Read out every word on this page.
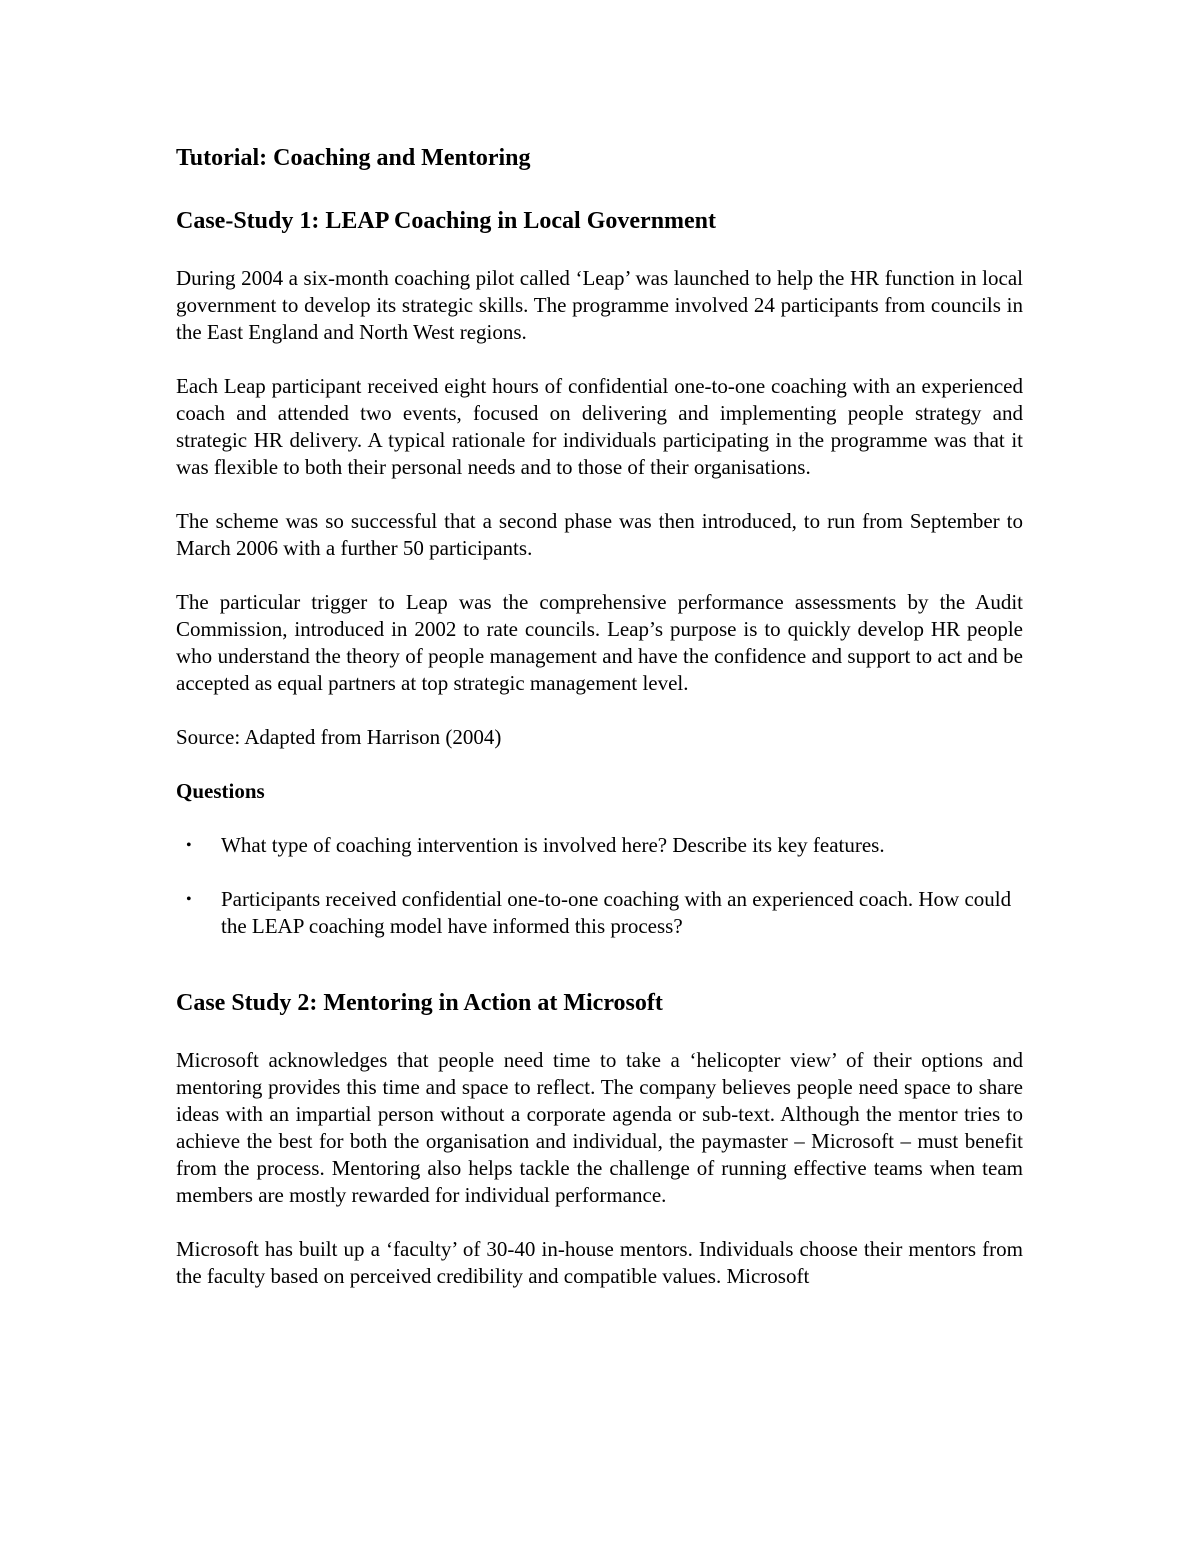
Tutorial: Coaching and Mentoring
Case-Study 1: LEAP Coaching in Local Government

During 2004 a six-month coaching pilot called ‘Leap’ was launched to help the HR function in local government to develop its strategic skills. The programme involved 24 participants from councils in the East England and North West regions.

Each Leap participant received eight hours of confidential one-to-one coaching with an experienced coach and attended two events, focused on delivering and implementing people strategy and strategic HR delivery. A typical rationale for individuals participating in the programme was that it was flexible to both their personal needs and to those of their organisations.

The scheme was so successful that a second phase was then introduced, to run from September to March 2006 with a further 50 participants.

The particular trigger to Leap was the comprehensive performance assessments by the Audit Commission, introduced in 2002 to rate councils. Leap’s purpose is to quickly develop HR people who understand the theory of people management and have the confidence and support to act and be accepted as equal partners at top strategic management level.

Source: Adapted from Harrison (2004)

Questions

• What type of coaching intervention is involved here? Describe its key features.
• Participants received confidential one-to-one coaching with an experienced coach. How could the LEAP coaching model have informed this process?
Case Study 2: Mentoring in Action at Microsoft

Microsoft acknowledges that people need time to take a ‘helicopter view’ of their options and mentoring provides this time and space to reflect. The company believes people need space to share ideas with an impartial person without a corporate agenda or sub-text. Although the mentor tries to achieve the best for both the organisation and individual, the paymaster – Microsoft – must benefit from the process. Mentoring also helps tackle the challenge of running effective teams when team members are mostly rewarded for individual performance.

Microsoft has built up a ‘faculty’ of 30-40 in-house mentors. Individuals choose their mentors from the faculty based on perceived credibility and compatible values. Microsoft
